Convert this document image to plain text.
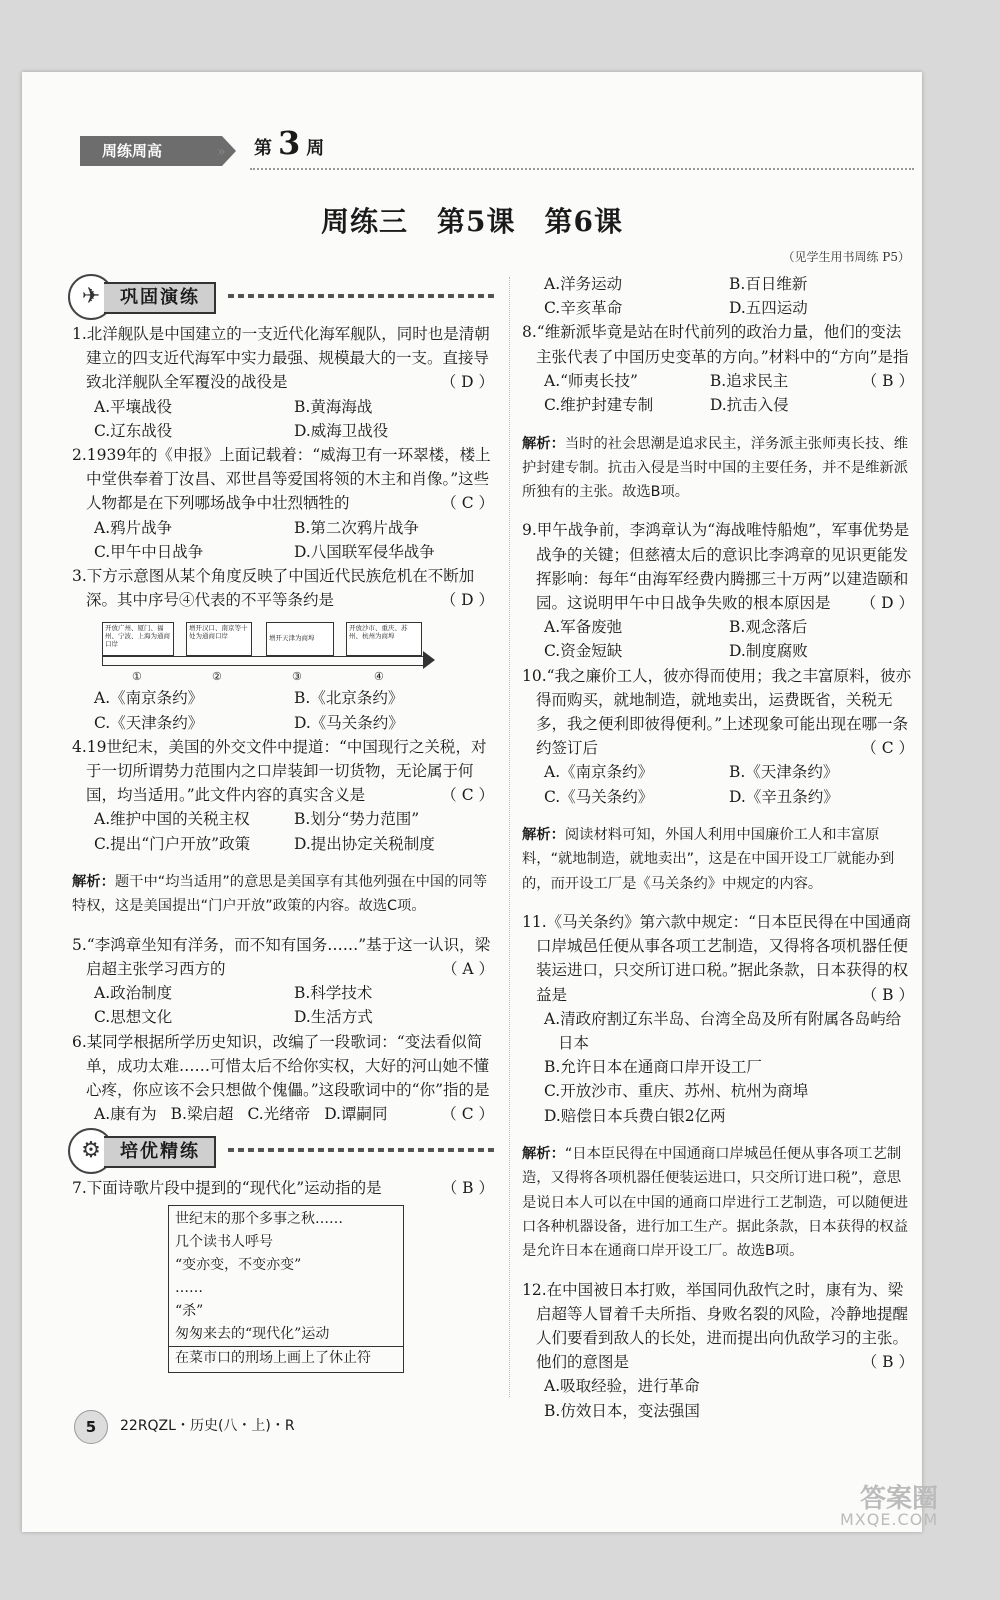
周练周高	» 第 3 周
周练三　第5课　第6课
（见学生用书周练 P5）
✈	巩固演练

1.北洋舰队是中国建立的一支近代化海军舰队，同时也是清朝建立的四支近代海军中实力最强、规模最大的一支。直接导致北洋舰队全军覆没的战役是	（ D ）

A.平壤战役	B.黄海海战
C.辽东战役	D.威海卫战役

2.1939年的《申报》上面记载着：“威海卫有一环翠楼，楼上中堂供奉着丁汝昌、邓世昌等爱国将领的木主和肖像。”这些人物都是在下列哪场战争中壮烈牺牲的	（ C ）

A.鸦片战争	B.第二次鸦片战争
C.甲午中日战争	D.八国联军侵华战争

3.下方示意图从某个角度反映了中国近代民族危机在不断加深。其中序号④代表的不平等条约是	（ D ）

开放广州、厦门、福州、宁波、上海为通商口岸
增开汉口、南京等十处为通商口岸	增开天津为商埠
开放沙市、重庆、苏州、杭州为商埠
①	②	③	④
A.《南京条约》	B.《北京条约》
C.《天津条约》	D.《马关条约》

4.19世纪末，美国的外交文件中提道：“中国现行之关税，对于一切所谓势力范围内之口岸装卸一切货物，无论属于何国，均当适用。”此文件内容的真实含义是	（ C ）

A.维护中国的关税主权	B.划分“势力范围”
C.提出“门户开放”政策	D.提出协定关税制度

解析：题干中“均当适用”的意思是美国享有其他列强在中国的同等特权，这是美国提出“门户开放”政策的内容。故选C项。

5.“李鸿章坐知有洋务，而不知有国务……”基于这一认识，梁启超主张学习西方的	（ A ）

A.政治制度	B.科学技术
C.思想文化	D.生活方式

6.某同学根据所学历史知识，改编了一段歌词：“变法看似简单，成功太难……可惜太后不给你实权，大好的河山她不懂心疼，你应该不会只想做个傀儡。”这段歌词中的“你”指的是
（ C ）

A.康有为 B.梁启超 C.光绪帝 D.谭嗣同
⚙	培优精练

7.下面诗歌片段中提到的“现代化”运动指的是	（ B ）

世纪末的那个多事之秋……
几个读书人呼号
“变亦变，不变亦变”
……
“杀”
匆匆来去的“现代化”运动
在菜市口的刑场上画上了休止符
A.洋务运动	B.百日维新
C.辛亥革命	D.五四运动

8.“维新派毕竟是站在时代前列的政治力量，他们的变法主张代表了中国历史变革的方向。”材料中的“方向”是指
（ B ）

A.“师夷长技”	B.追求民主
C.维护封建专制	D.抗击入侵

解析：当时的社会思潮是追求民主，洋务派主张师夷长技、维护封建专制。抗击入侵是当时中国的主要任务，并不是维新派所独有的主张。故选B项。

9.甲午战争前，李鸿章认为“海战唯恃船炮”，军事优势是战争的关键；但慈禧太后的意识比李鸿章的见识更能发挥影响：每年“由海军经费内腾挪三十万两”以建造颐和园。这说明甲午中日战争失败的根本原因是 （ D ）

A.军备废弛	B.观念落后
C.资金短缺	D.制度腐败

10.“我之廉价工人，彼亦得而使用；我之丰富原料，彼亦得而购买，就地制造，就地卖出，运费既省，关税无多，我之便利即彼得便利。”上述现象可能出现在哪一条约签订后	（ C ）

A.《南京条约》	B.《天津条约》
C.《马关条约》	D.《辛丑条约》

解析：阅读材料可知，外国人利用中国廉价工人和丰富原料，“就地制造，就地卖出”，这是在中国开设工厂就能办到的，而开设工厂是《马关条约》中规定的内容。

11.《马关条约》第六款中规定：“日本臣民得在中国通商口岸城邑任便从事各项工艺制造，又得将各项机器任便装运进口，只交所订进口税。”据此条款，日本获得的权益是	（ B ）

A.清政府割辽东半岛、台湾全岛及所有附属各岛屿给日本
B.允许日本在通商口岸开设工厂
C.开放沙市、重庆、苏州、杭州为商埠
D.赔偿日本兵费白银2亿两

解析：“日本臣民得在中国通商口岸城邑任便从事各项工艺制造，又得将各项机器任便装运进口，只交所订进口税”，意思是说日本人可以在中国的通商口岸进行工艺制造，可以随便进口各种机器设备，进行加工生产。据此条款，日本获得的权益是允许日本在通商口岸开设工厂。故选B项。

12.在中国被日本打败，举国同仇敌忾之时，康有为、梁启超等人冒着千夫所指、身败名裂的风险，冷静地提醒人们要看到敌人的长处，进而提出向仇敌学习的主张。他们的意图是	（ B ）

A.吸取经验，进行革命
B.仿效日本，变法强国
5	22RQZL・历史(八・上)・R
答案圈
MXQE.COM
